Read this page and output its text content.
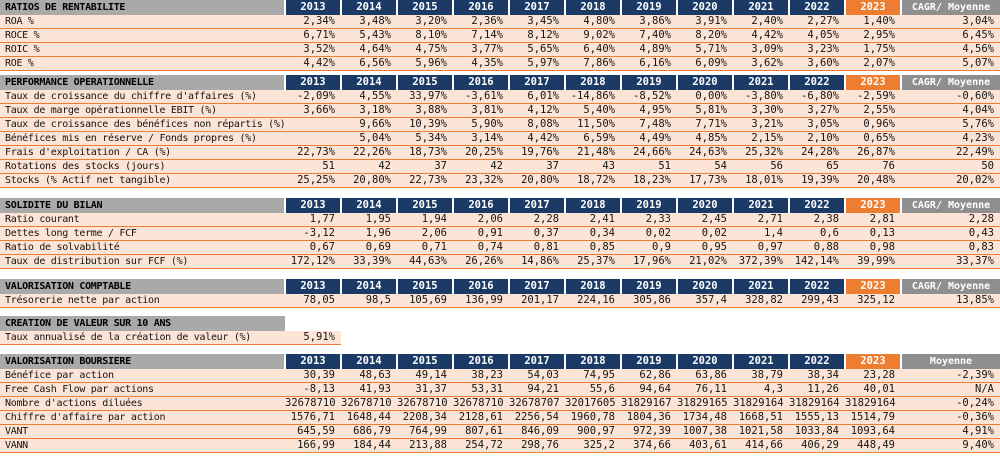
RATIOS DE RENTABILITE	2013	2014	2015	2016	2017	2018	2019	2020	2021	2022	2023	CAGR/ Moyenne
ROA %	2,34%	3,48%	3,20%	2,36%	3,45%	4,80%	3,86%	3,91%	2,40%	2,27%	1,40%	3,04%
ROCE %	6,71%	5,43%	8,10%	7,14%	8,12%	9,02%	7,40%	8,20%	4,42%	4,05%	2,95%	6,45%
ROIC %	3,52%	4,64%	4,75%	3,77%	5,65%	6,40%	4,89%	5,71%	3,09%	3,23%	1,75%	4,56%
ROE %	4,42%	6,56%	5,96%	4,35%	5,97%	7,86%	6,16%	6,09%	3,62%	3,60%	2,07%	5,07%
PERFORMANCE OPERATIONNELLE	2013	2014	2015	2016	2017	2018	2019	2020	2021	2022	2023	CAGR/ Moyenne
Taux de croissance du chiffre d'affaires (%)	-2,09%	4,55%	33,97%	-3,61%	6,01%	-14,86%	-8,52%	0,00%	-3,80%	-6,80%	-2,59%	-0,60%
Taux de marge opérationnelle EBIT (%)	3,66%	3,18%	3,88%	3,81%	4,12%	5,40%	4,95%	5,81%	3,30%	3,27%	2,55%	4,04%
Taux de croissance des bénéfices non répartis (%)		9,66%	10,39%	5,90%	8,08%	11,50%	7,48%	7,71%	3,21%	3,05%	0,96%	5,76%
Bénéfices mis en réserve / Fonds propres (%)		5,04%	5,34%	3,14%	4,42%	6,59%	4,49%	4,85%	2,15%	2,10%	0,65%	4,23%
Frais d'exploitation / CA (%)	22,73%	22,26%	18,73%	20,25%	19,76%	21,48%	24,66%	24,63%	25,32%	24,28%	26,87%	22,49%
Rotations des stocks (jours)	51	42	37	42	37	43	51	54	56	65	76	50
Stocks (% Actif net tangible)	25,25%	20,80%	22,73%	23,32%	20,80%	18,72%	18,23%	17,73%	18,01%	19,39%	20,48%	20,02%
SOLIDITE DU BILAN	2013	2014	2015	2016	2017	2018	2019	2020	2021	2022	2023	CAGR/ Moyenne
Ratio courant	1,77	1,95	1,94	2,06	2,28	2,41	2,33	2,45	2,71	2,38	2,81	2,28
Dettes long terme / FCF	-3,12	1,96	2,06	0,91	0,37	0,34	0,02	0,02	1,4	0,6	0,13	0,43
Ratio de solvabilité	0,67	0,69	0,71	0,74	0,81	0,85	0,9	0,95	0,97	0,88	0,98	0,83
Taux de distribution sur FCF (%)	172,12%	33,39%	44,63%	26,26%	14,86%	25,37%	17,96%	21,02%	372,39%	142,14%	39,99%	33,37%
VALORISATION COMPTABLE	2013	2014	2015	2016	2017	2018	2019	2020	2021	2022	2023	CAGR/ Moyenne
Trésorerie nette par action	78,05	98,5	105,69	136,99	201,17	224,16	305,86	357,4	328,82	299,43	325,12	13,85%
CREATION DE VALEUR SUR 10 ANS												
Taux annualisé de la création de valeur (%)	5,91%											
VALORISATION BOURSIERE	2013	2014	2015	2016	2017	2018	2019	2020	2021	2022	2023	Moyenne
Bénéfice par action	30,39	48,63	49,14	38,23	54,03	74,95	62,86	63,86	38,79	38,34	23,28	-2,39%
Free Cash Flow par actions	-8,13	41,93	31,37	53,31	94,21	55,6	94,64	76,11	4,3	11,26	40,01	N/A
Nombre d'actions diluées	32678710	32678710	32678710	32678710	32678707	32017605	31829167	31829165	31829164	31829164	31829164	-0,24%
Chiffre d'affaire par action	1576,71	1648,44	2208,34	2128,61	2256,54	1960,78	1804,36	1734,48	1668,51	1555,13	1514,79	-0,36%
VANT	645,59	686,79	764,99	807,61	846,09	900,97	972,39	1007,38	1021,58	1033,84	1093,64	4,91%
VANN	166,99	184,44	213,88	254,72	298,76	325,2	374,66	403,61	414,66	406,29	448,49	9,40%
